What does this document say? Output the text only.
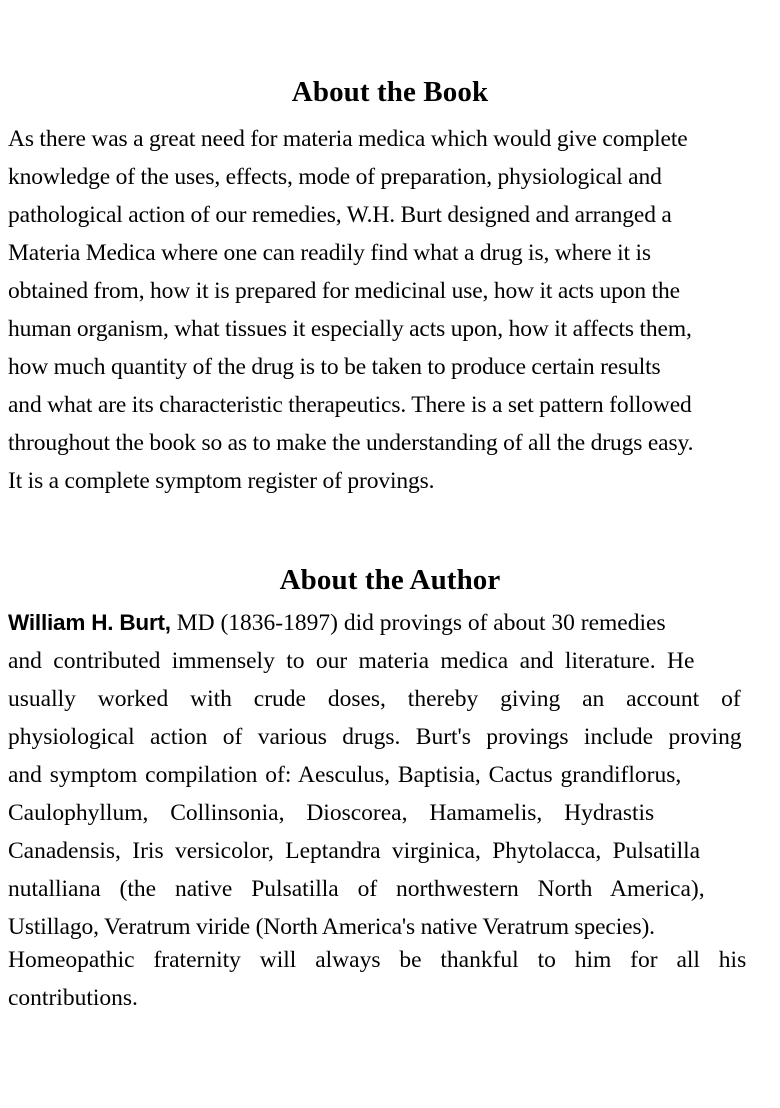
About the Book
As there was a great need for materia medica which would give complete
knowledge of the uses, effects, mode of preparation, physiological and
pathological action of our remedies, W.H. Burt designed and arranged a
Materia Medica where one can readily find what a drug is, where it is
obtained from, how it is prepared for medicinal use, how it acts upon the
human organism, what tissues it especially acts upon, how it affects them,
how much quantity of the drug is to be taken to produce certain results
and what are its characteristic therapeutics. There is a set pattern followed
throughout the book so as to make the understanding of all the drugs easy.
It is a complete symptom register of provings.
About the Author
William H. Burt, MD (1836-1897) did provings of about 30 remedies
and contributed immensely to our materia medica and literature. He
usually worked with crude doses, thereby giving an account of
physiological action of various drugs. Burt's provings include proving
and symptom compilation of: Aesculus, Baptisia, Cactus grandiflorus,
Caulophyllum, Collinsonia, Dioscorea, Hamamelis, Hydrastis
Canadensis, Iris versicolor, Leptandra virginica, Phytolacca, Pulsatilla
nutalliana (the native Pulsatilla of northwestern North America),
Ustillago, Veratrum viride (North America's native Veratrum species).
Homeopathic fraternity will always be thankful to him for all his
contributions.
